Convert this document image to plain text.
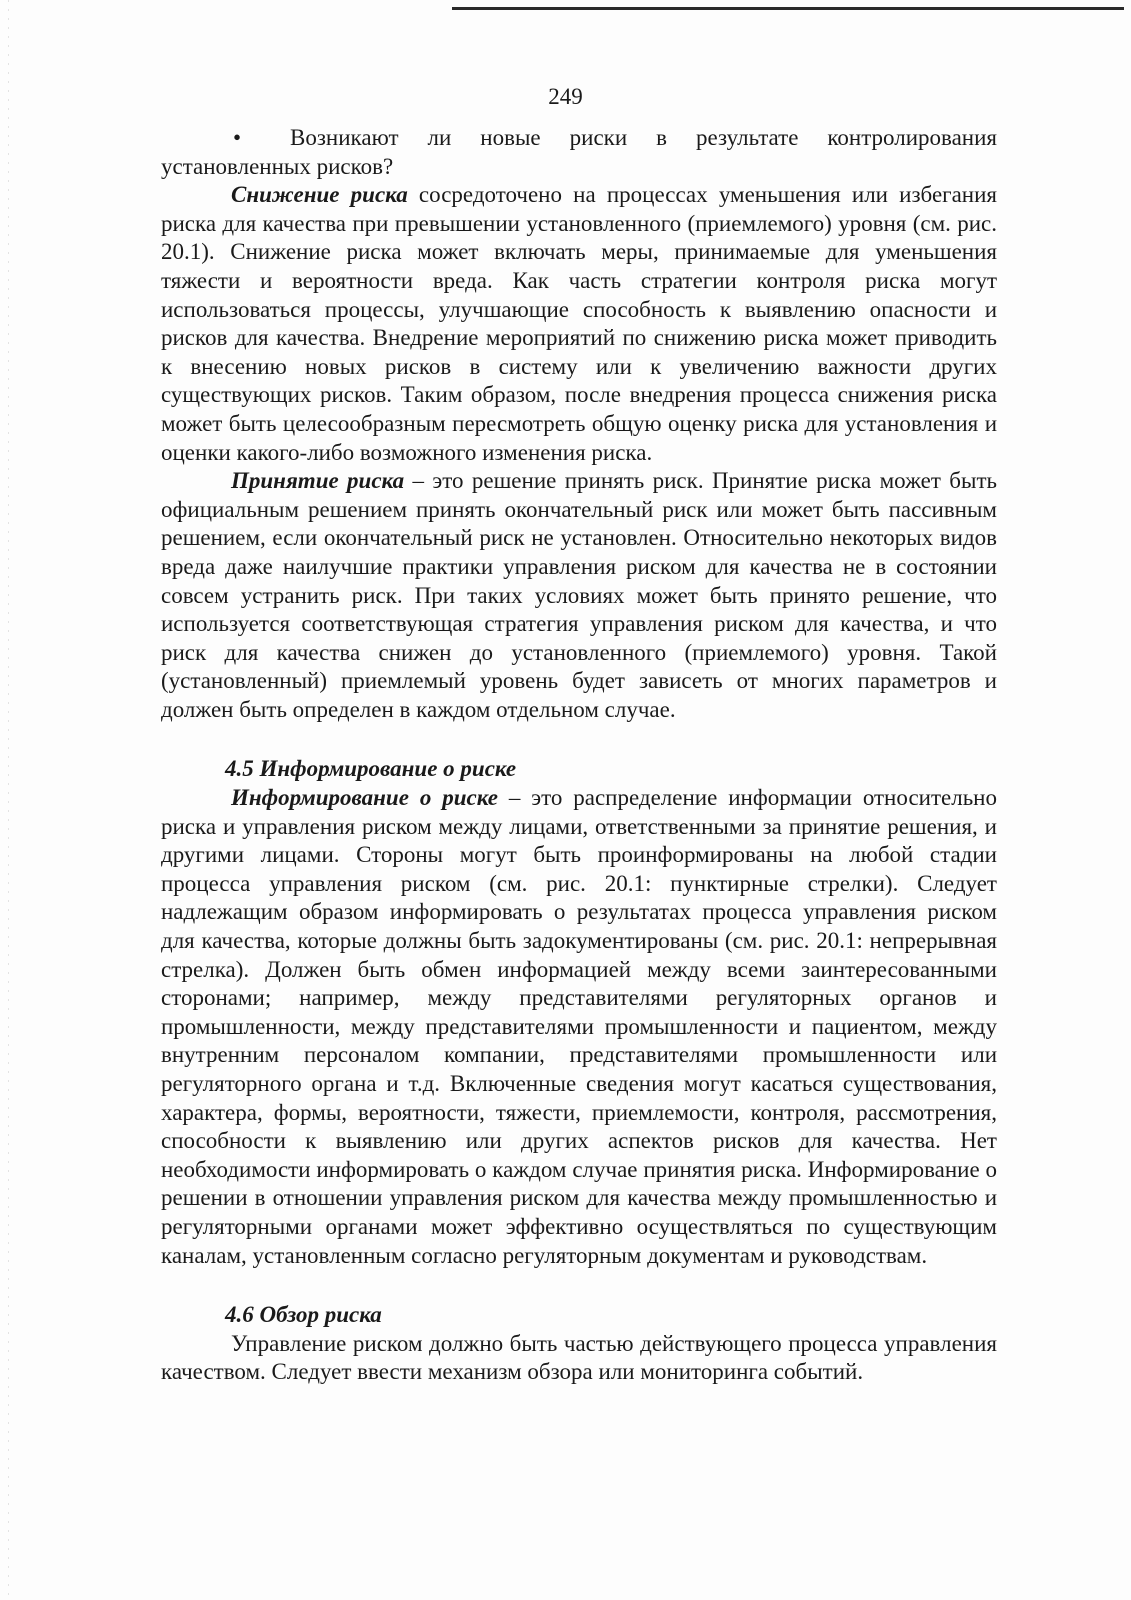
249

• Возникают ли новые риски в результате контролирования установленных рисков?

Снижение риска сосредоточено на процессах уменьшения или избегания риска для качества при превышении установленного (приемлемого) уровня (см. рис. 20.1). Снижение риска может включать меры, принимаемые для уменьшения тяжести и вероятности вреда. Как часть стратегии контроля риска могут использоваться процессы, улучшающие способность к выявлению опасности и рисков для качества. Внедрение мероприятий по снижению риска может приводить к внесению новых рисков в систему или к увеличению важности других существующих рисков. Таким образом, после внедрения процесса снижения риска может быть целесообразным пересмотреть общую оценку риска для установления и оценки какого-либо возможного изменения риска.

Принятие риска – это решение принять риск. Принятие риска может быть официальным решением принять окончательный риск или может быть пассивным решением, если окончательный риск не установлен. Относительно некоторых видов вреда даже наилучшие практики управления риском для качества не в состоянии совсем устранить риск. При таких условиях может быть принято решение, что используется соответствующая стратегия управления риском для качества, и что риск для качества снижен до установленного (приемлемого) уровня. Такой (установленный) приемлемый уровень будет зависеть от многих параметров и должен быть определен в каждом отдельном случае.

4.5 Информирование о риске

Информирование о риске – это распределение информации относительно риска и управления риском между лицами, ответственными за принятие решения, и другими лицами. Стороны могут быть проинформированы на любой стадии процесса управления риском (см. рис. 20.1: пунктирные стрелки). Следует надлежащим образом информировать о результатах процесса управления риском для качества, которые должны быть задокументированы (см. рис. 20.1: непрерывная стрелка). Должен быть обмен информацией между всеми заинтересованными сторонами; например, между представителями регуляторных органов и промышленности, между представителями промышленности и пациентом, между внутренним персоналом компании, представителями промышленности или регуляторного органа и т.д. Включенные сведения могут касаться существования, характера, формы, вероятности, тяжести, приемлемости, контроля, рассмотрения, способности к выявлению или других аспектов рисков для качества. Нет необходимости информировать о каждом случае принятия риска. Информирование о решении в отношении управления риском для качества между промышленностью и регуляторными органами может эффективно осуществляться по существующим каналам, установленным согласно регуляторным документам и руководствам.

4.6 Обзор риска

Управление риском должно быть частью действующего процесса управления качеством. Следует ввести механизм обзора или мониторинга событий.
